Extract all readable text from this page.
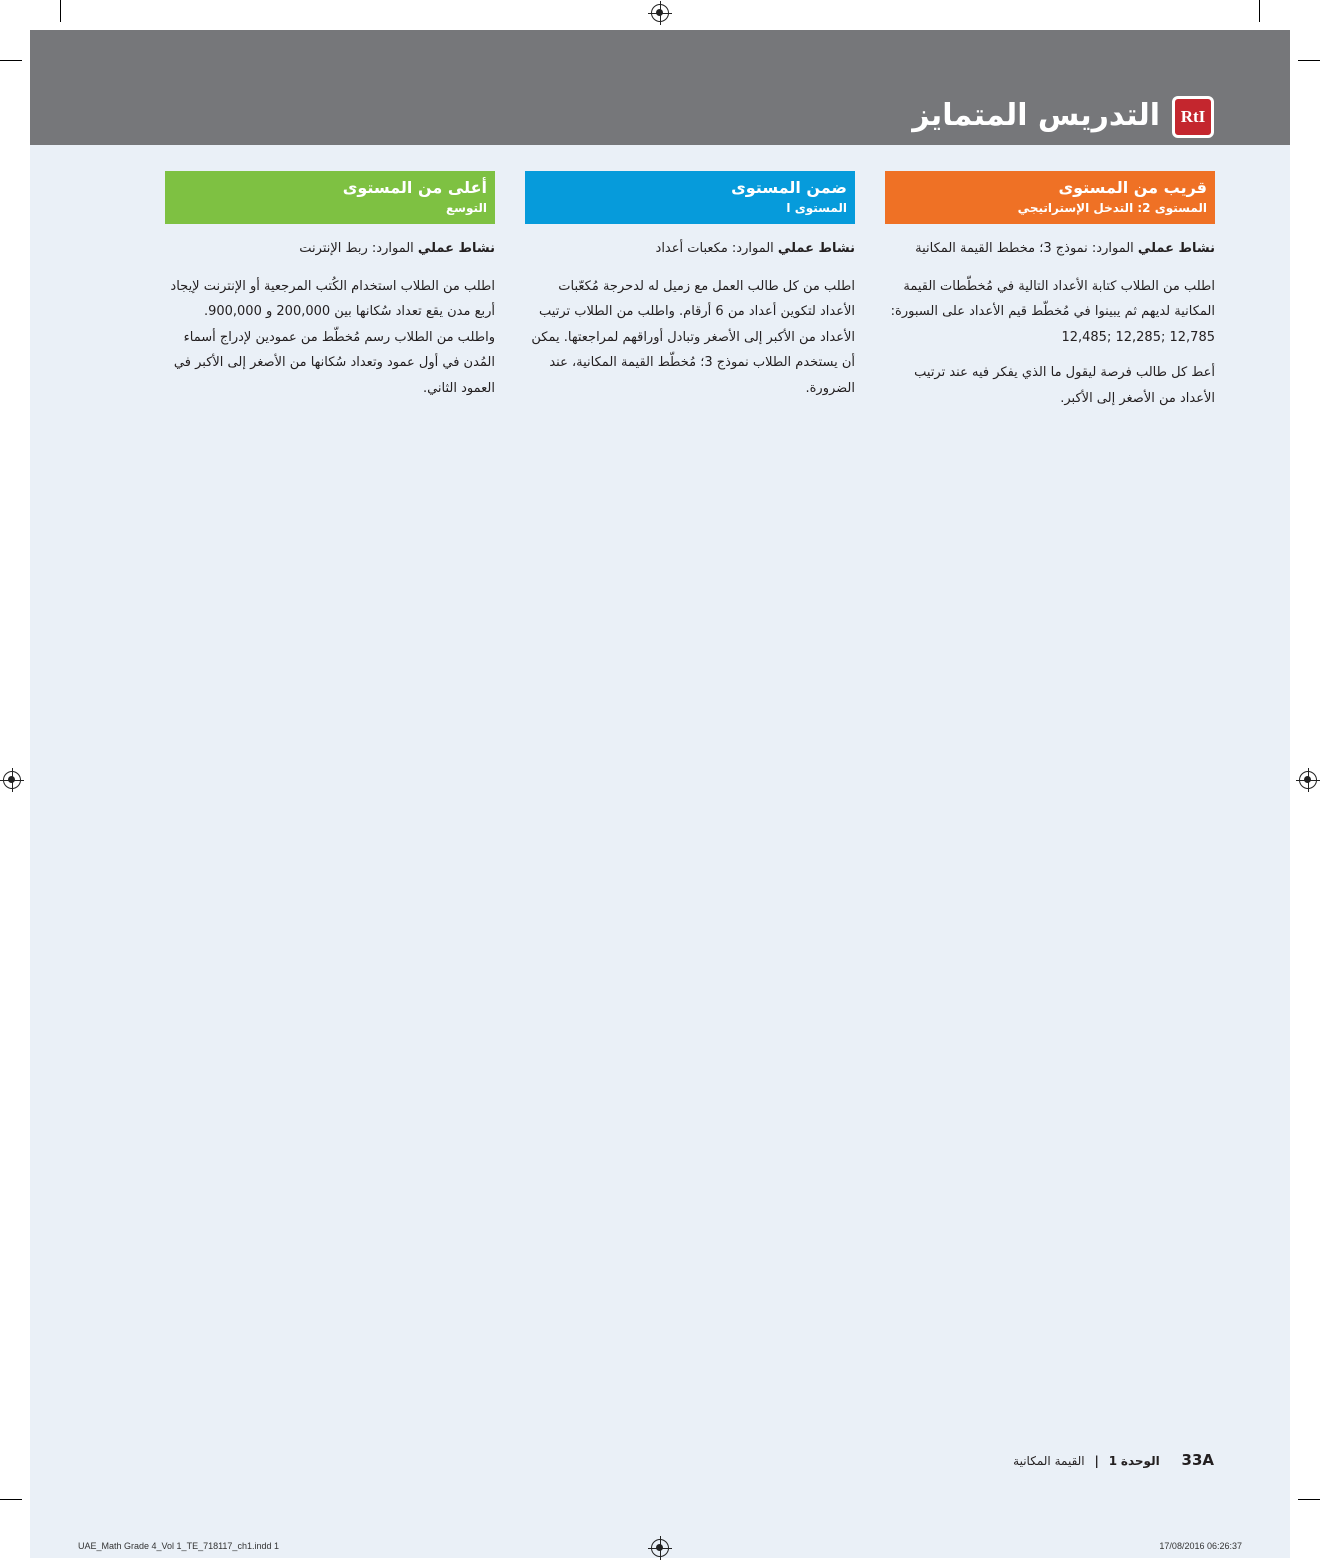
RtI
التدريس المتمايز
قريب من المستوى
المستوى 2: التدخل الإستراتيجي
ضمن المستوى
المستوى ا
أعلى من المستوى
التوسع

نشاط عملي الموارد: نموذج 3؛ مخطط القيمة المكانية

اطلب من الطلاب كتابة الأعداد التالية في مُخطّطات القيمة المكانية لديهم ثم يبينوا في مُخطّط قيم الأعداد على السبورة: 12,785 ;12,285 ;12,485

أعط كل طالب فرصة ليقول ما الذي يفكر فيه عند ترتيب الأعداد من الأصغر إلى الأكبر.

نشاط عملي الموارد: مكعبات أعداد

اطلب من كل طالب العمل مع زميل له لدحرجة مُكعّبات الأعداد لتكوين أعداد من 6 أرقام. واطلب من الطلاب ترتيب الأعداد من الأكبر إلى الأصغر وتبادل أوراقهم لمراجعتها. يمكن أن يستخدم الطلاب نموذج 3؛ مُخطّط القيمة المكانية، عند الضرورة.

نشاط عملي الموارد: ربط الإنترنت

اطلب من الطلاب استخدام الكُتب المرجعية أو الإنترنت لإيجاد أربع مدن يقع تعداد سُكانها بين 200,000 و 900,000. واطلب من الطلاب رسم مُخطّط من عمودين لإدراج أسماء المُدن في أول عمود وتعداد سُكانها من الأصغر إلى الأكبر في العمود الثاني.

33A الوحدة 1 | القيمة المكانية
UAE_Math Grade 4_Vol 1_TE_718117_ch1.indd 1	17/08/2016 06:26:37
